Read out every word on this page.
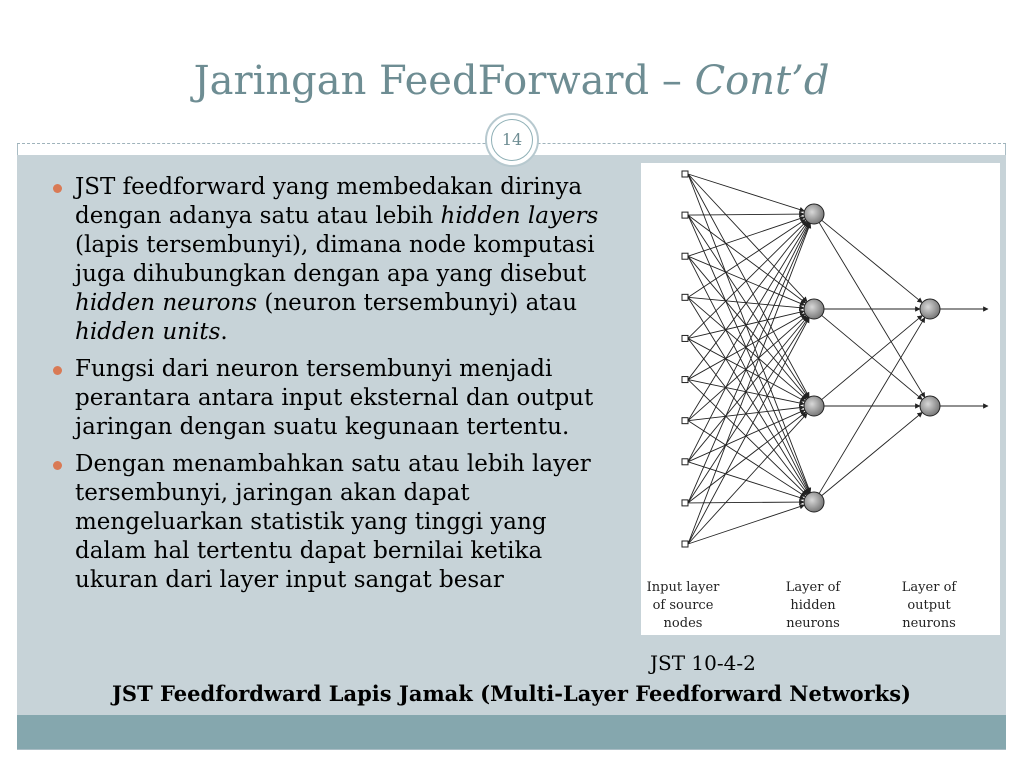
Jaringan FeedForward – Cont’d
14
JST feedforward yang membedakan dirinya dengan adanya satu atau lebih hidden layers (lapis tersembunyi), dimana node komputasi juga dihubungkan dengan apa yang disebut hidden neurons (neuron tersembunyi) atau hidden units.
Fungsi dari neuron tersembunyi menjadi perantara antara input eksternal dan output jaringan dengan suatu kegunaan tertentu.
Dengan menambahkan satu atau lebih layer tersembunyi, jaringan akan dapat mengeluarkan statistik yang tinggi yang dalam hal tertentu dapat bernilai ketika ukuran dari layer input sangat besar	Input layer
of source
nodes
Layer of
hidden
neurons
Layer of
output
neurons
JST 10-4-2
JST Feedfordward Lapis Jamak (Multi-Layer Feedforward Networks)
